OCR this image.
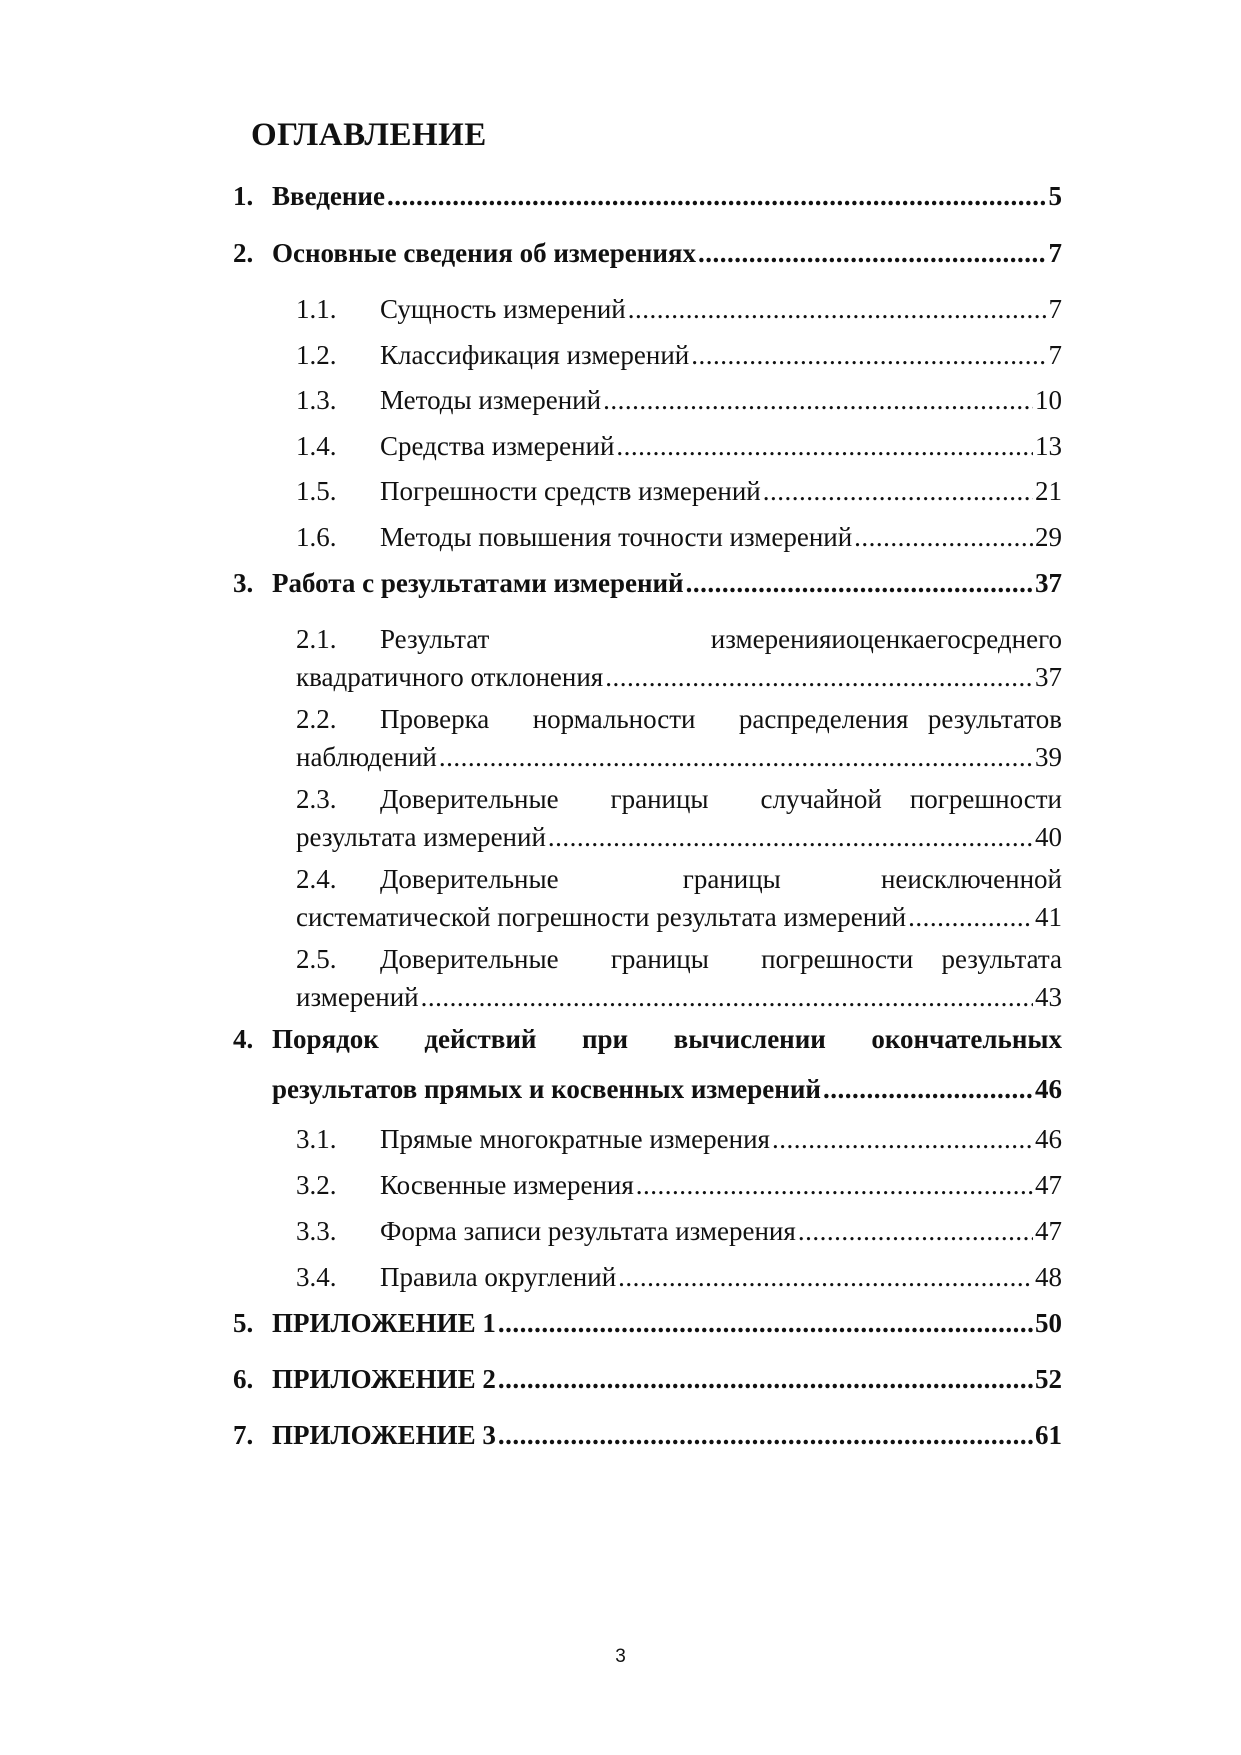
ОГЛАВЛЕНИЕ
1. Введение .....	5
2. Основные сведения об измерениях .....	7
1.1.	Сущность измерений .....	7
1.2.	Классификация измерений .....	7
1.3.	Методы измерений .....	10
1.4.	Средства измерений .....	13
1.5.	Погрешности средств измерений .....	21
1.6.	Методы повышения точности измерений .....	29
3. Работа с результатами измерений .....	37
2.1.	Результат	измерения и оценка его среднего
квадратичного отклонения .....	37
2.2.	Проверка нормальности распределения результатов
наблюдений .....	39
2.3.	Доверительные границы случайной погрешности
результата измерений .....	40
2.4.	Доверительные	границы	неисключенной
систематической погрешности результата измерений .....	41
2.5.	Доверительные границы погрешности результата
измерений .....	43
4. Порядок действий при вычислении окончательных
результатов прямых и косвенных измерений .....	46
3.1.	Прямые многократные измерения .....	46
3.2.	Косвенные измерения .....	47
3.3.	Форма записи результата измерения .....	47
3.4.	Правила округлений .....	48
5. ПРИЛОЖЕНИЕ 1 .....	50
6. ПРИЛОЖЕНИЕ 2 .....	52
7. ПРИЛОЖЕНИЕ 3 .....	61
3
